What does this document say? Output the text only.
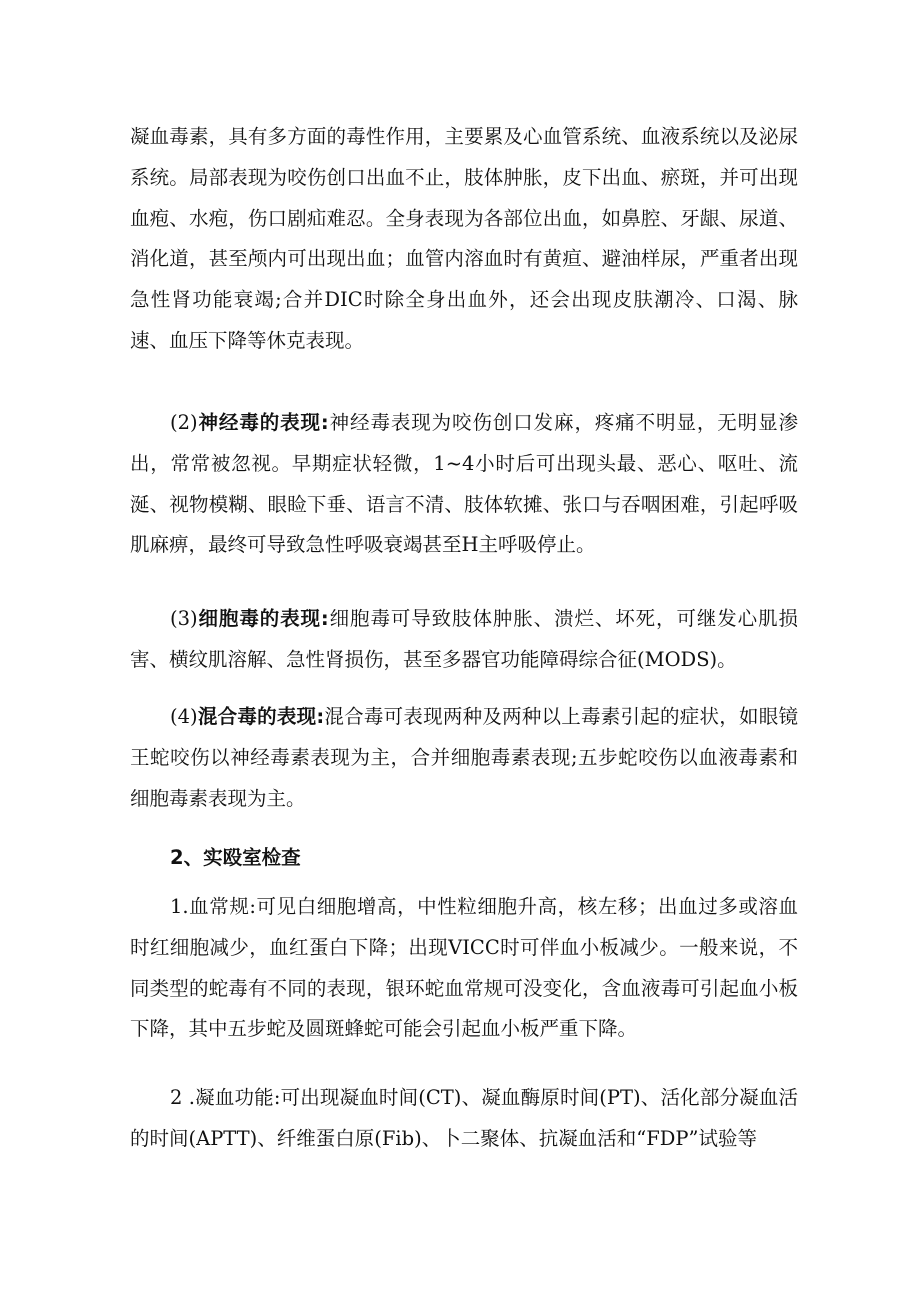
凝血毒素，具有多方面的毒性作用，主要累及心血管系统、血液系统以及泌尿系统。局部表现为咬伤创口出血不止，肢体肿胀，皮下出血、瘀斑，并可出现血疱、水疱，伤口剧疝难忍。全身表现为各部位出血，如鼻腔、牙龈、尿道、消化道，甚至颅内可出现出血；血管内溶血时有黄疸、避油样尿，严重者出现急性肾功能衰竭;合并DIC时除全身出血外，还会出现皮肤潮冷、口渴、脉速、血压下降等休克表现。

(2)神经毒的表现:神经毒表现为咬伤创口发麻，疼痛不明显，无明显渗出，常常被忽视。早期症状轻微，1~4小时后可出现头最、恶心、呕吐、流涎、视物模糊、眼睑下垂、语言不清、肢体软摊、张口与吞咽困难，引起呼吸肌麻痹，最终可导致急性呼吸衰竭甚至H主呼吸停止。

(3)细胞毒的表现:细胞毒可导致肢体肿胀、溃烂、坏死，可继发心肌损害、横纹肌溶解、急性肾损伤，甚至多器官功能障碍综合征(MODS)。

(4)混合毒的表现:混合毒可表现两种及两种以上毒素引起的症状，如眼镜王蛇咬伤以神经毒素表现为主，合并细胞毒素表现;五步蛇咬伤以血液毒素和细胞毒素表现为主。

2、实殴室检查

1.血常规:可见白细胞增高，中性粒细胞升高，核左移；出血过多或溶血时红细胞减少，血红蛋白下降；出现VICC时可伴血小板减少。一般来说，不同类型的蛇毒有不同的表现，银环蛇血常规可没变化，含血液毒可引起血小板下降，其中五步蛇及圆斑蜂蛇可能会引起血小板严重下降。

2 .凝血功能:可出现凝血时间(CT)、凝血酶原时间(PT)、活化部分凝血活的时间(APTT)、纤维蛋白原(Fib)、卜二聚体、抗凝血活和“FDP”试验等
